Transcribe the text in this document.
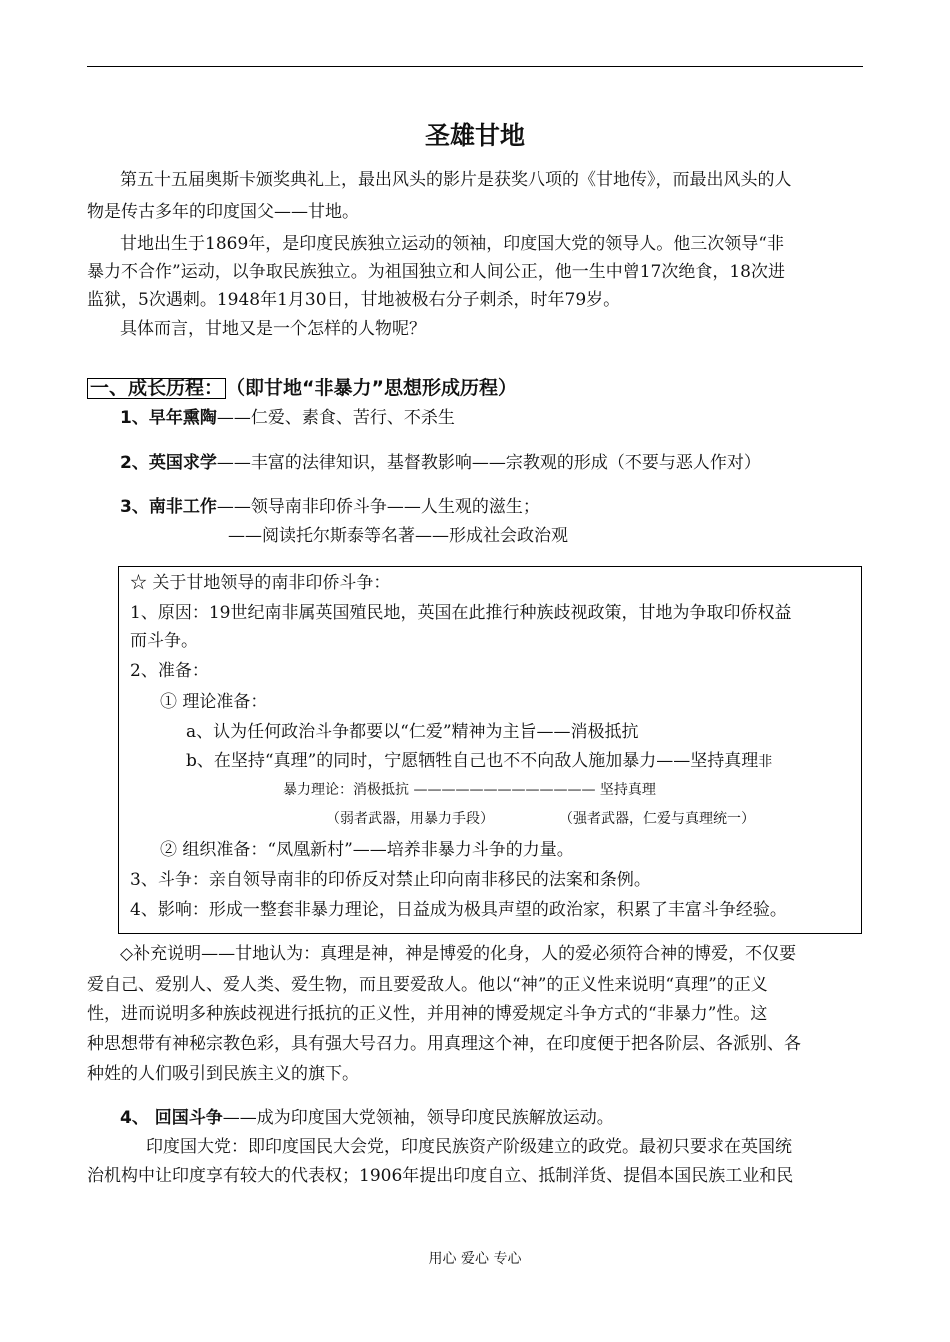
圣雄甘地
第五十五届奥斯卡颁奖典礼上，最出风头的影片是获奖八项的《甘地传》，而最出风头的人
物是传古多年的印度国父——甘地。
甘地出生于1869年，是印度民族独立运动的领袖，印度国大党的领导人。他三次领导“非
暴力不合作”运动，以争取民族独立。为祖国独立和人间公正，他一生中曾17次绝食，18次进
监狱，5次遇刺。1948年1月30日，甘地被极右分子刺杀，时年79岁。
具体而言，甘地又是一个怎样的人物呢？
一、成长历程： （即甘地“非暴力”思想形成历程）
1、早年熏陶——仁爱、素食、苦行、不杀生
2、英国求学——丰富的法律知识，基督教影响——宗教观的形成（不要与恶人作对）
3、南非工作——领导南非印侨斗争——人生观的滋生；
——阅读托尔斯泰等名著——形成社会政治观
☆ 关于甘地领导的南非印侨斗争：
1、原因：19世纪南非属英国殖民地，英国在此推行种族歧视政策，甘地为争取印侨权益
而斗争。
2、准备：
① 理论准备：
a、认为任何政治斗争都要以“仁爱”精神为主旨——消极抵抗
b、在坚持“真理”的同时，宁愿牺牲自己也不不向敌人施加暴力——坚持真理非
暴力理论：消极抵抗 ————————————— 坚持真理
（弱者武器，用暴力手段）	（强者武器，仁爱与真理统一）
② 组织准备：“凤凰新村”——培养非暴力斗争的力量。
3、斗争：亲自领导南非的印侨反对禁止印向南非移民的法案和条例。
4、影响：形成一整套非暴力理论，日益成为极具声望的政治家，积累了丰富斗争经验。
◇补充说明——甘地认为：真理是神，神是博爱的化身，人的爱必须符合神的博爱，不仅要
爱自己、爱别人、爱人类、爱生物，而且要爱敌人。他以“神”的正义性来说明“真理”的正义
性，进而说明多种族歧视进行抵抗的正义性，并用神的博爱规定斗争方式的“非暴力”性。这
种思想带有神秘宗教色彩，具有强大号召力。用真理这个神，在印度便于把各阶层、各派别、各
种姓的人们吸引到民族主义的旗下。
4、 回国斗争——成为印度国大党领袖，领导印度民族解放运动。
印度国大党：即印度国民大会党，印度民族资产阶级建立的政党。最初只要求在英国统
治机构中让印度享有较大的代表权；1906年提出印度自立、抵制洋货、提倡本国民族工业和民
用心 爱心 专心
